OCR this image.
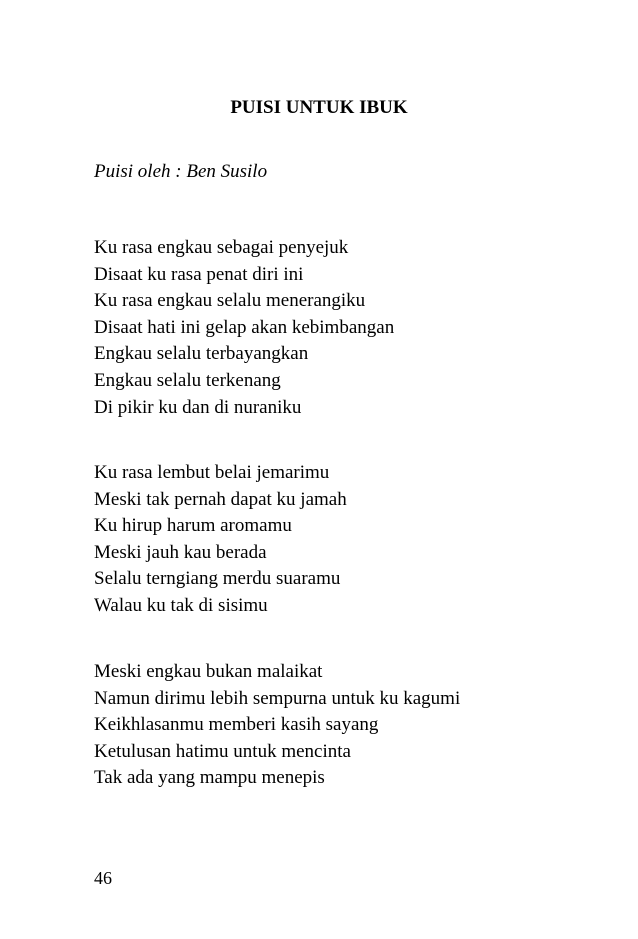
PUISI UNTUK IBUK
Puisi oleh : Ben Susilo
Ku rasa engkau sebagai penyejuk
Disaat ku rasa penat diri ini
Ku rasa engkau selalu menerangiku
Disaat hati ini gelap akan kebimbangan
Engkau selalu terbayangkan
Engkau selalu terkenang
Di pikir ku dan di nuraniku
Ku rasa lembut belai jemarimu
Meski tak pernah dapat ku jamah
Ku hirup harum aromamu
Meski jauh kau berada
Selalu terngiang merdu suaramu
Walau ku tak di sisimu
Meski engkau bukan malaikat
Namun dirimu lebih sempurna untuk ku kagumi
Keikhlasanmu memberi kasih sayang
Ketulusan hatimu untuk mencinta
Tak ada yang mampu menepis
46
